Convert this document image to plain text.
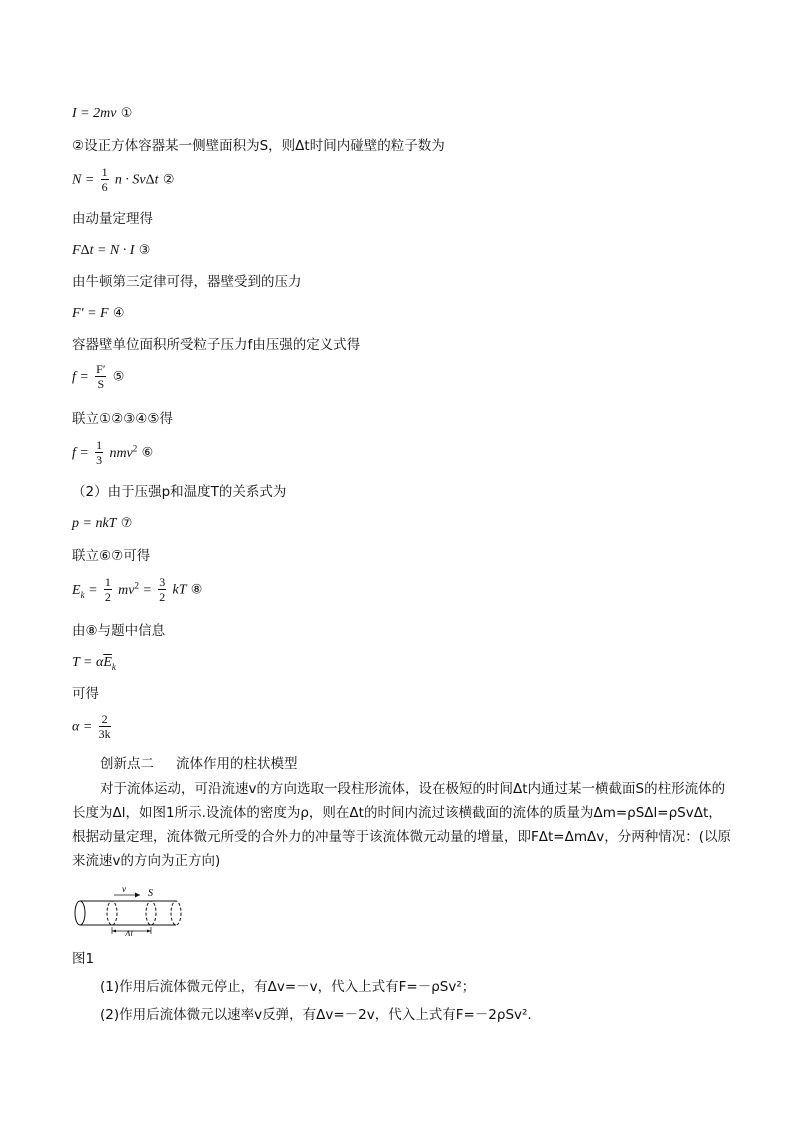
I = 2mv ①
②设正方体容器某一侧壁面积为S，则Δt时间内碰壁的粒子数为
$N = \frac{1}{6}$ n · SvΔt ②
由动量定理得
FΔt = N · I ③
由牛顿第三定律可得，器壁受到的压力
F′ = F ④
容器壁单位面积所受粒子压力f由压强的定义式得
$f = \frac{F'}{S}$ ⑤
联立①②③④⑤得
$f = \frac{1}{3} nmv^2$ ⑥
（2）由于压强p和温度T的关系式为
p = nkT ⑦
联立⑥⑦可得
$E_k = \frac{1}{2} mv^2 = \frac{3}{2}$ kT ⑧
由⑧与题中信息
$T = \alpha\overline{E}_k$
可得
$\alpha = \frac{2}{3k}$
创新点二 流体作用的柱状模型
对于流体运动，可沿流速v的方向选取一段柱形流体，设在极短的时间Δt内通过某一横截面S的柱形流体的长度为Δl，如图1所示.设流体的密度为ρ，则在Δt的时间内流过该横截面的流体的质量为Δm=ρSΔl=ρSvΔt，根据动量定理，流体微元所受的合外力的冲量等于该流体微元动量的增量，即FΔt=ΔmΔv，分两种情况：(以原来流速v的方向为正方向)
v S
Δl
图1
(1)作用后流体微元停止，有Δv=－v，代入上式有F=－ρSv²；
(2)作用后流体微元以速率v反弹，有Δv=－2v，代入上式有F=－2ρSv².
